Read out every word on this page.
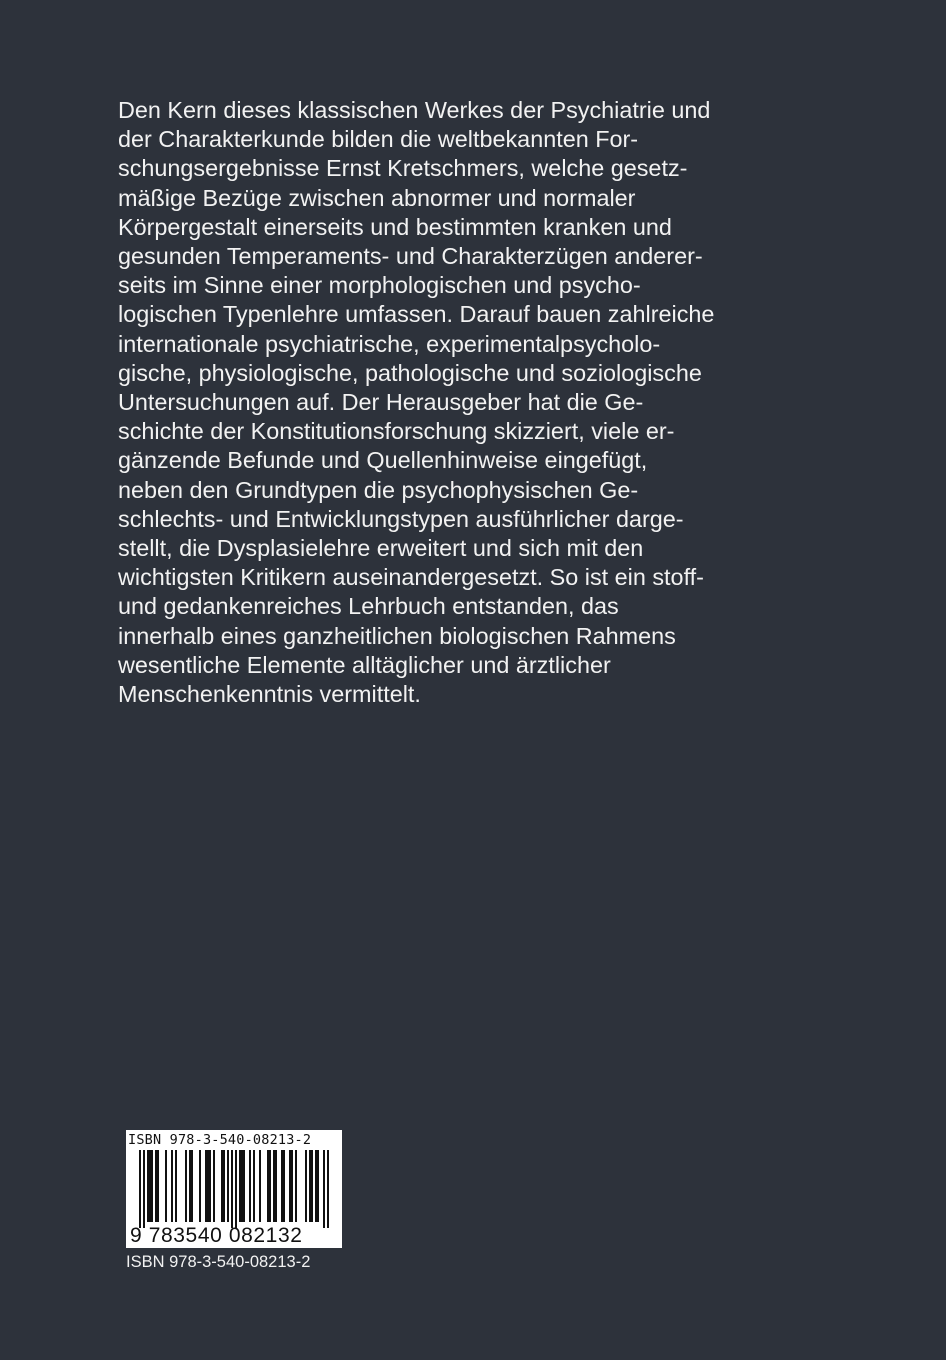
Den Kern dieses klassischen Werkes der Psychiatrie und
der Charakterkunde bilden die weltbekannten For-
schungsergebnisse Ernst Kretschmers, welche gesetz-
mäßige Bezüge zwischen abnormer und normaler
Körpergestalt einerseits und bestimmten kranken und
gesunden Temperaments- und Charakterzügen anderer-
seits im Sinne einer morphologischen und psycho-
logischen Typenlehre umfassen. Darauf bauen zahlreiche
internationale psychiatrische, experimentalpsycholo-
gische, physiologische, pathologische und soziologische
Untersuchungen auf. Der Herausgeber hat die Ge-
schichte der Konstitutionsforschung skizziert, viele er-
gänzende Befunde und Quellenhinweise eingefügt,
neben den Grundtypen die psychophysischen Ge-
schlechts- und Entwicklungstypen ausführlicher darge-
stellt, die Dysplasielehre erweitert und sich mit den
wichtigsten Kritikern auseinandergesetzt. So ist ein stoff-
und gedankenreiches Lehrbuch entstanden, das
innerhalb eines ganzheitlichen biologischen Rahmens
wesentliche Elemente alltäglicher und ärztlicher
Menschenkenntnis vermittelt.
ISBN 978-3-540-08213-2
9 783540 082132
ISBN 978-3-540-08213-2
